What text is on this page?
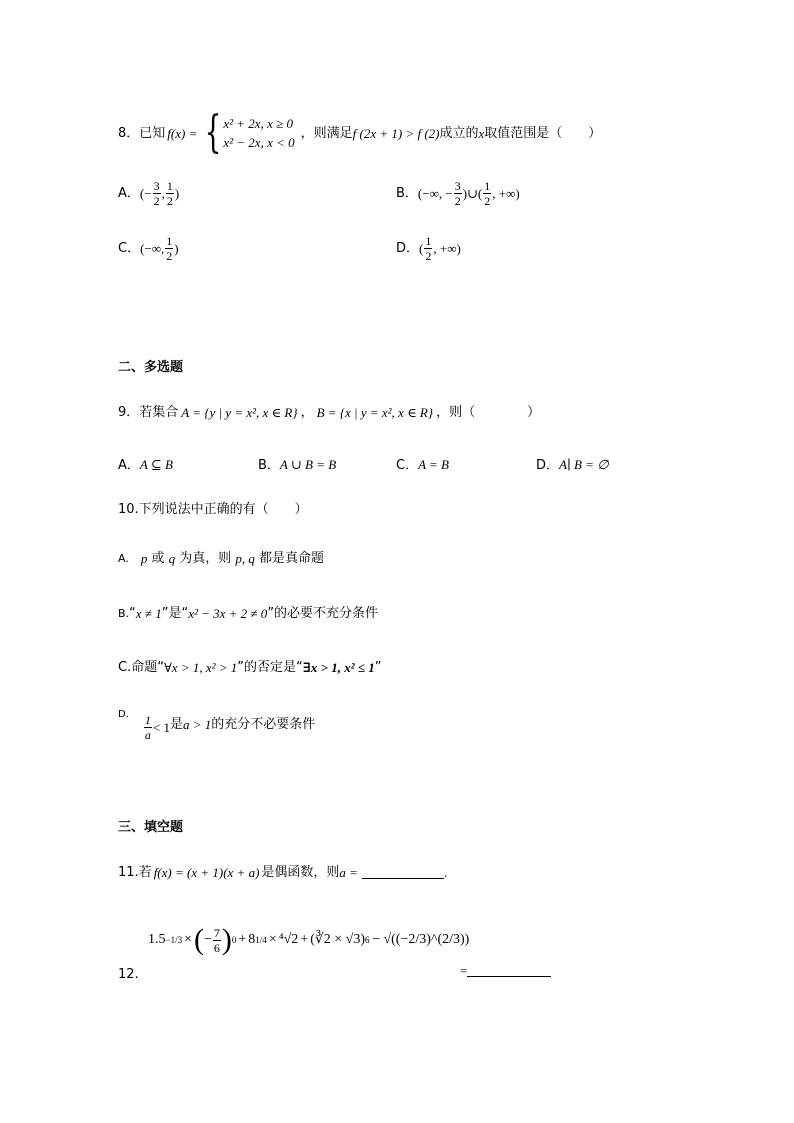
8． 已知 f(x) = { x² + 2x, x ≥ 0
x² − 2x, x < 0
，则满足 f (2x + 1) > f (2) 成立的 x 取值范围是（　　）
A． (− $\frac{3}{2}$ , $\frac{1}{2}$ )	B． (−∞, − $\frac{3}{2}$ )∪( $\frac{1}{2}$ , +∞)
C． (−∞, $\frac{1}{2}$ )	D． ( $\frac{1}{2}$ , +∞)
二、多选题
9． 若集合 A = {y | y = x², x ∈ R} ， B = {x | y = x², x ∈ R} ，则（　　　　）
A．A ⊆ B	B．A ∪ B = B	C．A = B	D．A∣ B = ∅
10.下列说法中正确的有（　　）
A. p 或 q 为真，则 p, q 都是真命题
B. “ x ≠ 1 ”是“ x² − 3x + 2 ≠ 0 ”的必要不充分条件
C.命题“ ∀x > 1, x² > 1 ”的否定是“ ∃x > 1, x² ≤ 1 ”
D. $\frac{1}{a} < 1$ 是 a > 1 的充分不必要条件
三、填空题
11.若 f(x) = (x + 1)(x + a) 是偶函数，则 a =	.
12.
1.5 −1/3 × ( − $\frac{7}{6}$ ) 0 + 8 1/4 × ⁴√2 + (∛2 × √3) 6 − √((−2/3)^(2/3))
=
